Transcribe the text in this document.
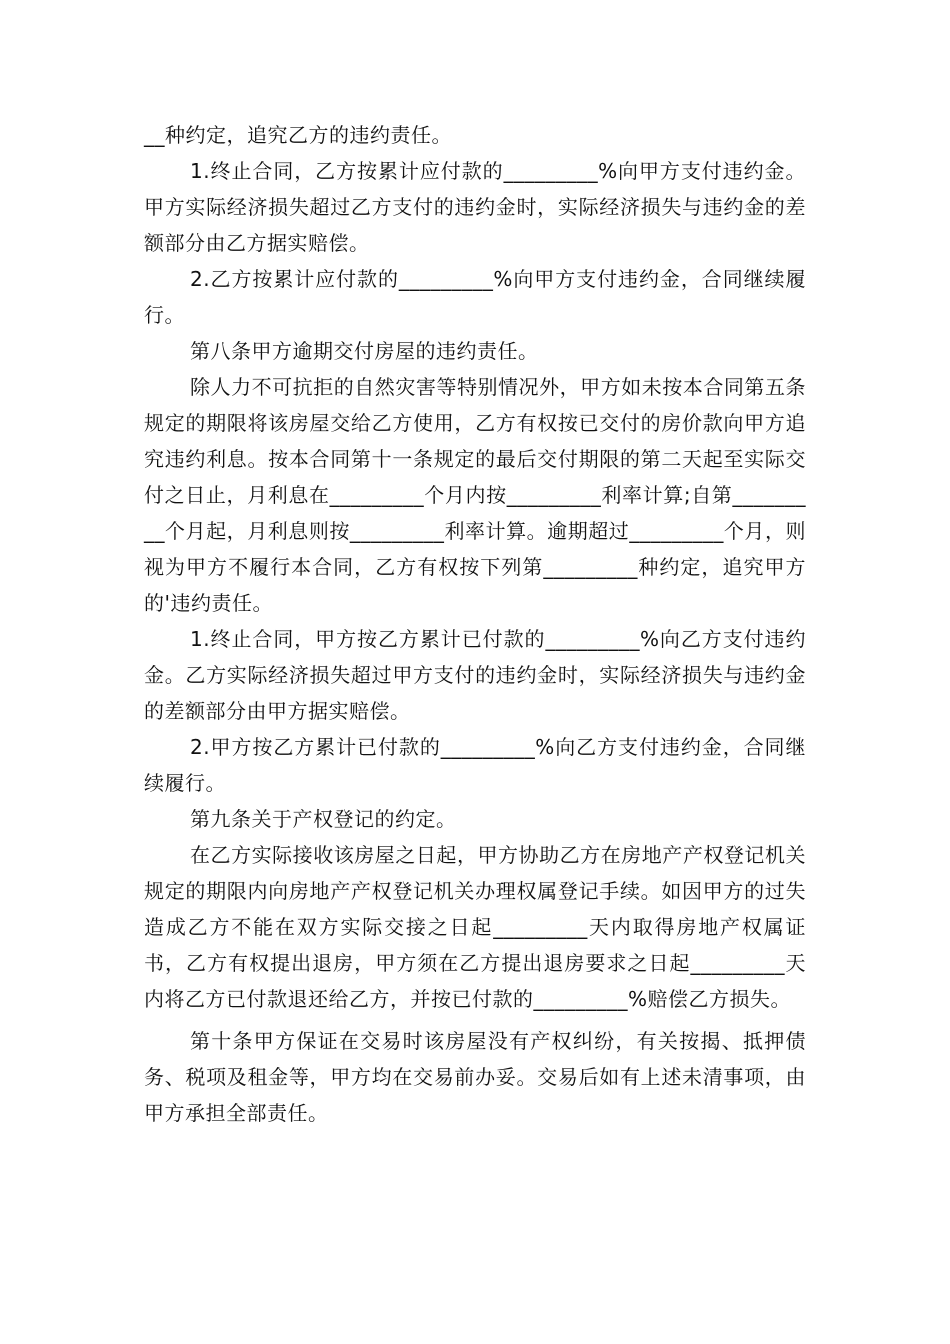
__种约定，追究乙方的违约责任。

1.终止合同，乙方按累计应付款的_________%向甲方支付违约金。甲方实际经济损失超过乙方支付的违约金时，实际经济损失与违约金的差额部分由乙方据实赔偿。

2.乙方按累计应付款的_________%向甲方支付违约金，合同继续履行。

第八条甲方逾期交付房屋的违约责任。

除人力不可抗拒的自然灾害等特别情况外，甲方如未按本合同第五条规定的期限将该房屋交给乙方使用，乙方有权按已交付的房价款向甲方追究违约利息。按本合同第十一条规定的最后交付期限的第二天起至实际交付之日止，月利息在_________个月内按_________利率计算;自第_________个月起，月利息则按_________利率计算。逾期超过_________个月，则视为甲方不履行本合同，乙方有权按下列第_________种约定，追究甲方的'违约责任。

1.终止合同，甲方按乙方累计已付款的_________%向乙方支付违约金。乙方实际经济损失超过甲方支付的违约金时，实际经济损失与违约金的差额部分由甲方据实赔偿。

2.甲方按乙方累计已付款的_________%向乙方支付违约金，合同继续履行。

第九条关于产权登记的约定。

在乙方实际接收该房屋之日起，甲方协助乙方在房地产产权登记机关规定的期限内向房地产产权登记机关办理权属登记手续。如因甲方的过失造成乙方不能在双方实际交接之日起_________天内取得房地产权属证书，乙方有权提出退房，甲方须在乙方提出退房要求之日起_________天内将乙方已付款退还给乙方，并按已付款的_________%赔偿乙方损失。

第十条甲方保证在交易时该房屋没有产权纠纷，有关按揭、抵押债务、税项及租金等，甲方均在交易前办妥。交易后如有上述未清事项，由甲方承担全部责任。
